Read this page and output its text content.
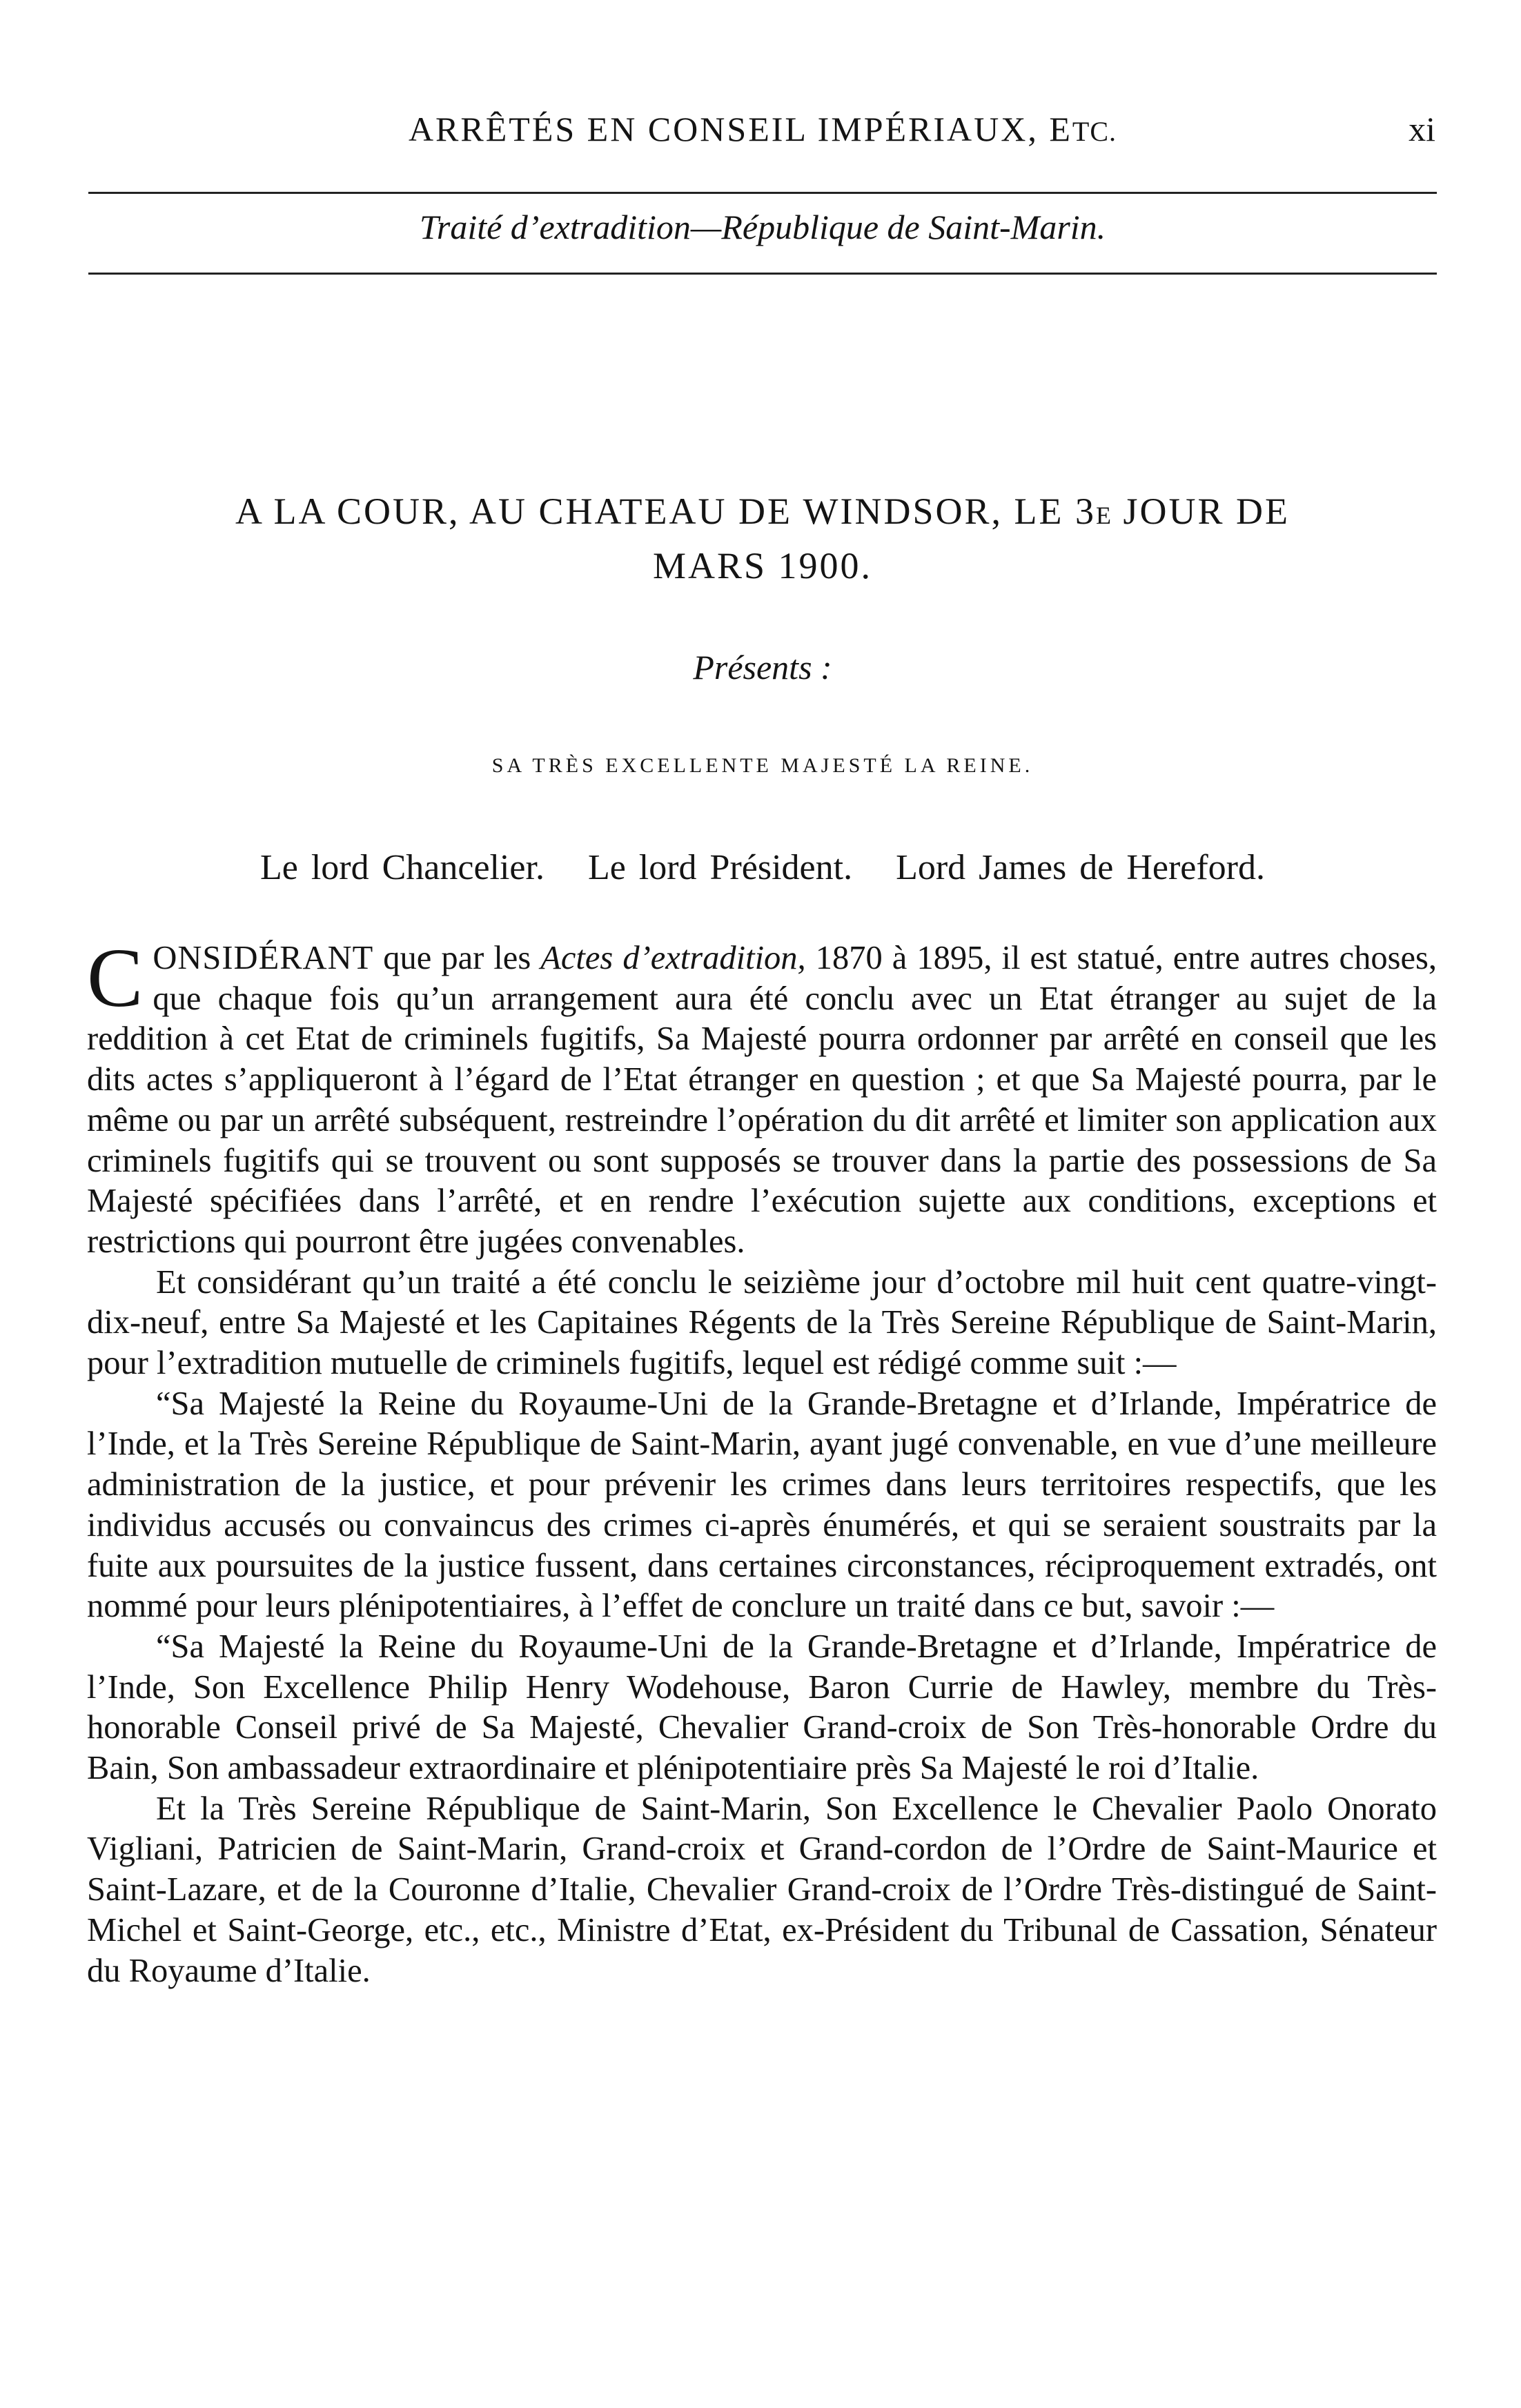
ARRÊTÉS EN CONSEIL IMPÉRIAUX, ETC.	xi
Traité d’extradition—République de Saint-Marin.
A LA COUR, AU CHATEAU DE WINDSOR, LE 3E JOUR DE
MARS 1900.
Présents :
SA TRÈS EXCELLENTE MAJESTÉ LA REINE.
Le lord Chancelier. Le lord Président. Lord James de Hereford.

CONSIDÉRANT que par les Actes d’extradition, 1870 à 1895, il est statué, entre autres choses, que chaque fois qu’un arrangement aura été conclu avec un Etat étranger au sujet de la reddition à cet Etat de criminels fugitifs, Sa Majesté pourra ordonner par arrêté en conseil que les dits actes s’appliqueront à l’égard de l’Etat étranger en question ; et que Sa Majesté pourra, par le même ou par un arrêté subséquent, restreindre l’opération du dit arrêté et limiter son application aux criminels fugitifs qui se trouvent ou sont supposés se trouver dans la partie des possessions de Sa Majesté spécifiées dans l’arrêté, et en rendre l’exécution sujette aux conditions, exceptions et restrictions qui pourront être jugées convenables.

Et considérant qu’un traité a été conclu le seizième jour d’octobre mil huit cent quatre-vingt-dix-neuf, entre Sa Majesté et les Capitaines Régents de la Très Sereine République de Saint-Marin, pour l’extradition mutuelle de criminels fugitifs, lequel est rédigé comme suit :—

“Sa Majesté la Reine du Royaume-Uni de la Grande-Bretagne et d’Irlande, Impératrice de l’Inde, et la Très Sereine République de Saint-Marin, ayant jugé convenable, en vue d’une meilleure administration de la justice, et pour prévenir les crimes dans leurs territoires respectifs, que les individus accusés ou convaincus des crimes ci-après énumérés, et qui se seraient soustraits par la fuite aux poursuites de la justice fussent, dans certaines circonstances, réciproquement extradés, ont nommé pour leurs plénipotentiaires, à l’effet de conclure un traité dans ce but, savoir :—

“Sa Majesté la Reine du Royaume-Uni de la Grande-Bretagne et d’Irlande, Impératrice de l’Inde, Son Excellence Philip Henry Wodehouse, Baron Currie de Hawley, membre du Très-honorable Conseil privé de Sa Majesté, Chevalier Grand-croix de Son Très-honorable Ordre du Bain, Son ambassadeur extraordinaire et plénipotentiaire près Sa Majesté le roi d’Italie.

Et la Très Sereine République de Saint-Marin, Son Excellence le Chevalier Paolo Onorato Vigliani, Patricien de Saint-Marin, Grand-croix et Grand-cordon de l’Ordre de Saint-Maurice et Saint-Lazare, et de la Couronne d’Italie, Chevalier Grand-croix de l’Ordre Très-distingué de Saint-Michel et Saint-George, etc., etc., Ministre d’Etat, ex-Président du Tribunal de Cassation, Sénateur du Royaume d’Italie.
